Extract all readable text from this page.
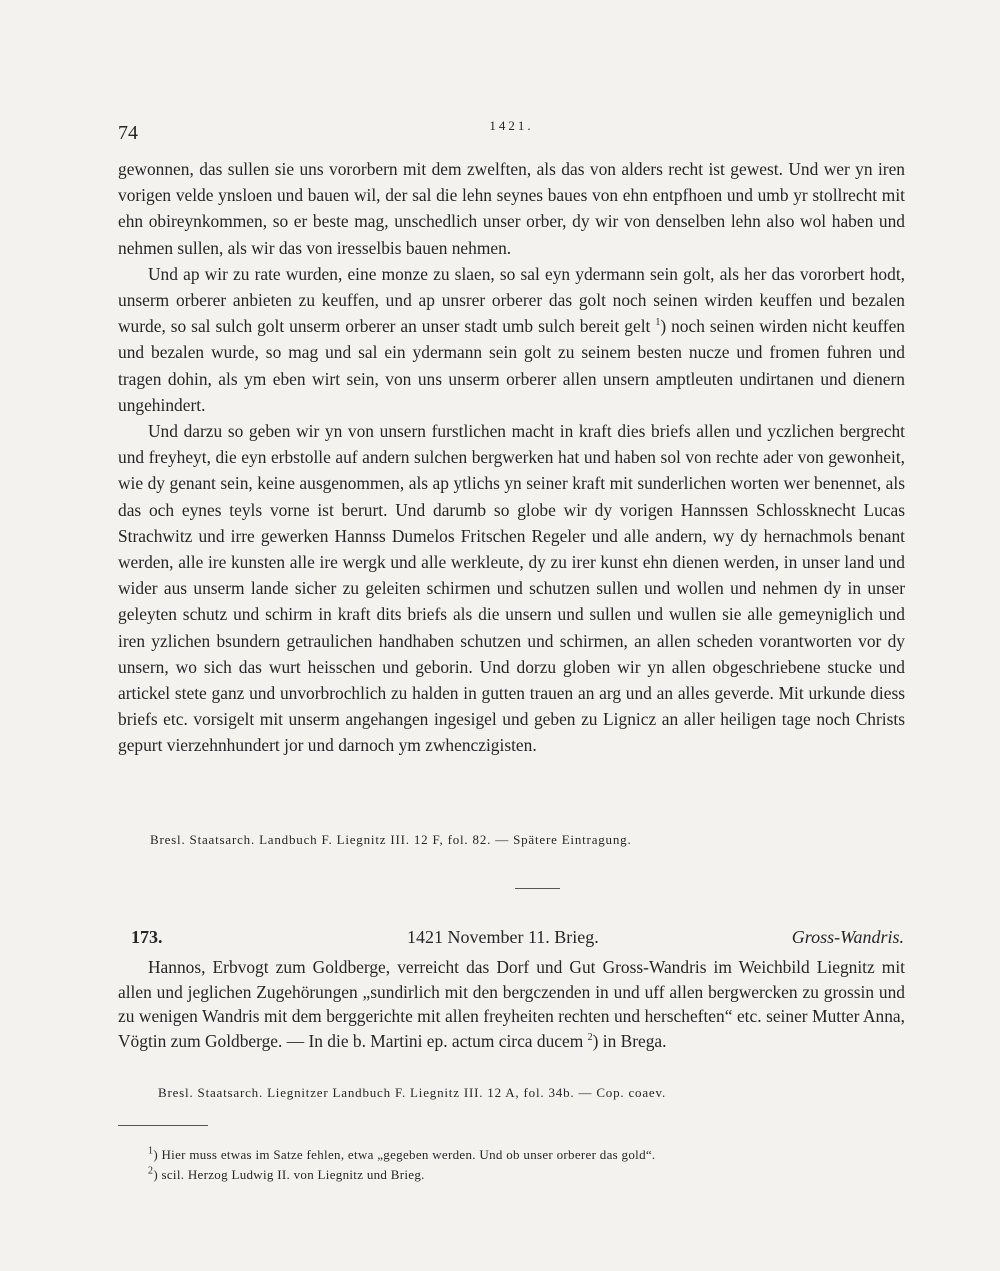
74	1421.

gewonnen, das sullen sie uns vororbern mit dem zwelften, als das von alders recht ist gewest. Und wer yn iren vorigen velde ynsloen und bauen wil, der sal die lehn seynes baues von ehn entpfhoen und umb yr stollrecht mit ehn obireynkommen, so er beste mag, unschedlich unser orber, dy wir von denselben lehn also wol haben und nehmen sullen, als wir das von iresselbis bauen nehmen.

Und ap wir zu rate wurden, eine monze zu slaen, so sal eyn ydermann sein golt, als her das vororbert hodt, unserm orberer anbieten zu keuffen, und ap unsrer orberer das golt noch seinen wirden keuffen und bezalen wurde, so sal sulch golt unserm orberer an unser stadt umb sulch bereit gelt $^1$) noch seinen wirden nicht keuffen und bezalen wurde, so mag und sal ein ydermann sein golt zu seinem besten nucze und fromen fuhren und tragen dohin, als ym eben wirt sein, von uns unserm orberer allen unsern amptleuten undirtanen und dienern ungehindert.

Und darzu so geben wir yn von unsern furstlichen macht in kraft dies briefs allen und yczlichen bergrecht und freyheyt, die eyn erbstolle auf andern sulchen bergwerken hat und haben sol von rechte ader von gewonheit, wie dy genant sein, keine ausgenommen, als ap ytlichs yn seiner kraft mit sunderlichen worten wer benennet, als das och eynes teyls vorne ist berurt. Und darumb so globe wir dy vorigen Hannssen Schlossknecht Lucas Strachwitz und irre gewerken Hannss Dumelos Fritschen Regeler und alle andern, wy dy hernachmols benant werden, alle ire kunsten alle ire wergk und alle werkleute, dy zu irer kunst ehn dienen werden, in unser land und wider aus unserm lande sicher zu geleiten schirmen und schutzen sullen und wollen und nehmen dy in unser geleyten schutz und schirm in kraft dits briefs als die unsern und sullen und wullen sie alle gemeyniglich und iren yzlichen bsundern getraulichen handhaben schutzen und schirmen, an allen scheden vorantworten vor dy unsern, wo sich das wurt heisschen und geborin. Und dorzu globen wir yn allen obgeschriebene stucke und artickel stete ganz und unvorbrochlich zu halden in gutten trauen an arg und an alles geverde. Mit urkunde diess briefs etc. vorsigelt mit unserm angehangen ingesigel und geben zu Lignicz an aller heiligen tage noch Christs gepurt vierzehnhundert jor und darnoch ym zwhenczigisten.

Bresl. Staatsarch. Landbuch F. Liegnitz III. 12 F, fol. 82. — Spätere Eintragung.
173.	1421 November 11. Brieg.	Gross-Wandris.

Hannos, Erbvogt zum Goldberge, verreicht das Dorf und Gut Gross-Wandris im Weichbild Liegnitz mit allen und jeglichen Zugehörungen „sundirlich mit den bergczenden in und uff allen bergwercken zu grossin und zu wenigen Wandris mit dem berggerichte mit allen freyheiten rechten und herscheften“ etc. seiner Mutter Anna, Vögtin zum Goldberge. — In die b. Martini ep. actum circa ducem $^2$) in Brega.

Bresl. Staatsarch. Liegnitzer Landbuch F. Liegnitz III. 12 A, fol. 34b. — Cop. coaev.
$^1$) Hier muss etwas im Satze fehlen, etwa „gegeben werden. Und ob unser orberer das gold“.
$^2$) scil. Herzog Ludwig II. von Liegnitz und Brieg.
